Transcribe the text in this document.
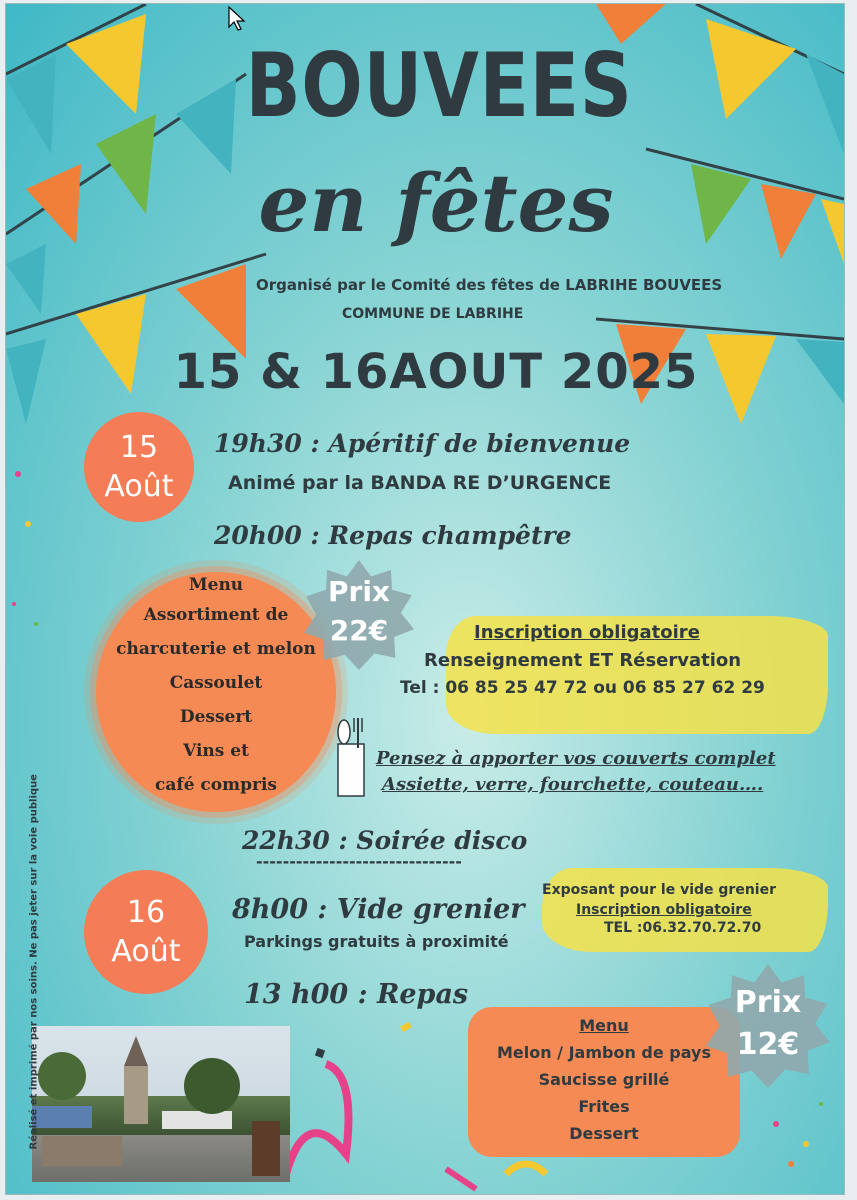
BOUVEES
en fêtes
Organisé par le Comité des fêtes de LABRIHE BOUVEES
COMMUNE DE LABRIHE
15 & 16AOUT 2025
15
Août
19h30 : Apéritif de bienvenue
Animé par la BANDA RE D’URGENCE
20h00 : Repas champêtre
Menu
Assortiment de
charcuterie et melon
Cassoulet
Dessert
Vins et
café compris
Prix
22€	Inscription obligatoire
Renseignement ET Réservation
Tel : 06 85 25 47 72 ou 06 85 27 62 29
Pensez à apporter vos couverts complet
Assiette, verre, fourchette, couteau….
22h30 : Soirée disco
-------------------------------
16
Août
8h00 : Vide grenier
Parkings gratuits à proximité
Exposant pour le vide grenier
Inscription obligatoire
TEL :06.32.70.72.70
13 h00 : Repas
Menu
Melon / Jambon de pays
Saucisse grillé
Frites
Dessert
Prix
12€
Réalisé et imprimé par nos soins. Ne pas jeter sur la voie publique
